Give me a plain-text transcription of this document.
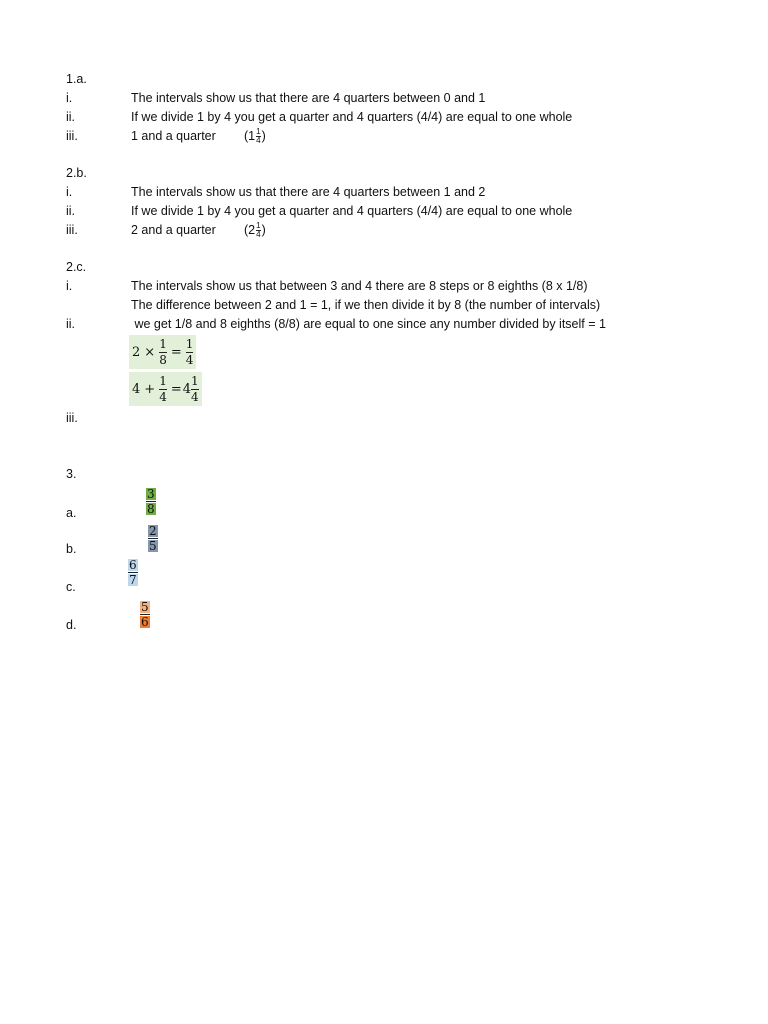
1.a.
i.	The intervals show us that there are 4 quarters between 0 and 1
ii.	If we divide 1 by 4 you get a quarter and 4 quarters (4/4) are equal to one whole
iii.	1 and a quarter ($1 \frac{1}{4}$ )
2.b.
i.	The intervals show us that there are 4 quarters between 1 and 2
ii.	If we divide 1 by 4 you get a quarter and 4 quarters (4/4) are equal to one whole
iii.	2 and a quarter ($2 \frac{1}{4}$ )
2.c.
i.	The intervals show us that between 3 and 4 there are 8 steps or 8 eighths (8 x 1/8)
The difference between 2 and 1 = 1, if we then divide it by 8 (the number of intervals)
ii.	we get 1/8 and 8 eighths (8/8) are equal to one since any number divided by itself = 1
2 ×
1
8 =
1
4
4 +
1
4 = 4
1
4
iii.
3.
a.
3
8
b.
2
5
c.
6
7
d.
5
6
